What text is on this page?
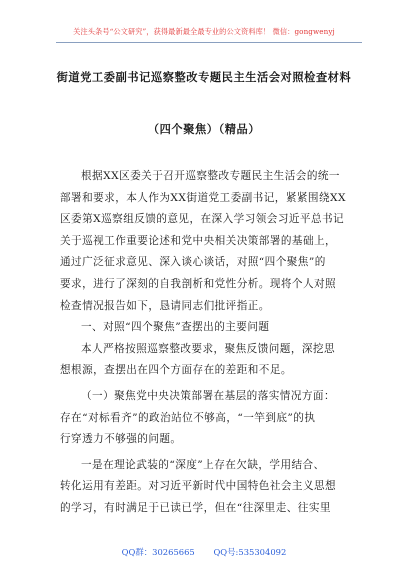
关注头条号“公文研究”，获得最新最全最专业的公文资料库！ 微信：gongwenyj
街道党工委副书记巡察整改专题民主生活会对照检查材料
（四个聚焦）（精品）
根据XX区委关于召开巡察整改专题民主生活会的统一
部署和要求，本人作为XX街道党工委副书记，紧紧围绕XX
区委第X巡察组反馈的意见，在深入学习领会习近平总书记
关于巡视工作重要论述和党中央相关决策部署的基础上，
通过广泛征求意见、深入谈心谈话，对照“四个聚焦”的
要求，进行了深刻的自我剖析和党性分析。现将个人对照
检查情况报告如下，恳请同志们批评指正。
一、对照“四个聚焦”查摆出的主要问题
本人严格按照巡察整改要求，聚焦反馈问题，深挖思
想根源，查摆出在四个方面存在的差距和不足。
（一）聚焦党中央决策部署在基层的落实情况方面：
存在“对标看齐”的政治站位不够高，“一竿到底”的执
行穿透力不够强的问题。
一是在理论武装的“深度”上存在欠缺，学用结合、
转化运用有差距。对习近平新时代中国特色社会主义思想
的学习，有时满足于已读已学，但在“往深里走、往实里
QQ群：30265665 QQ号:535304092
